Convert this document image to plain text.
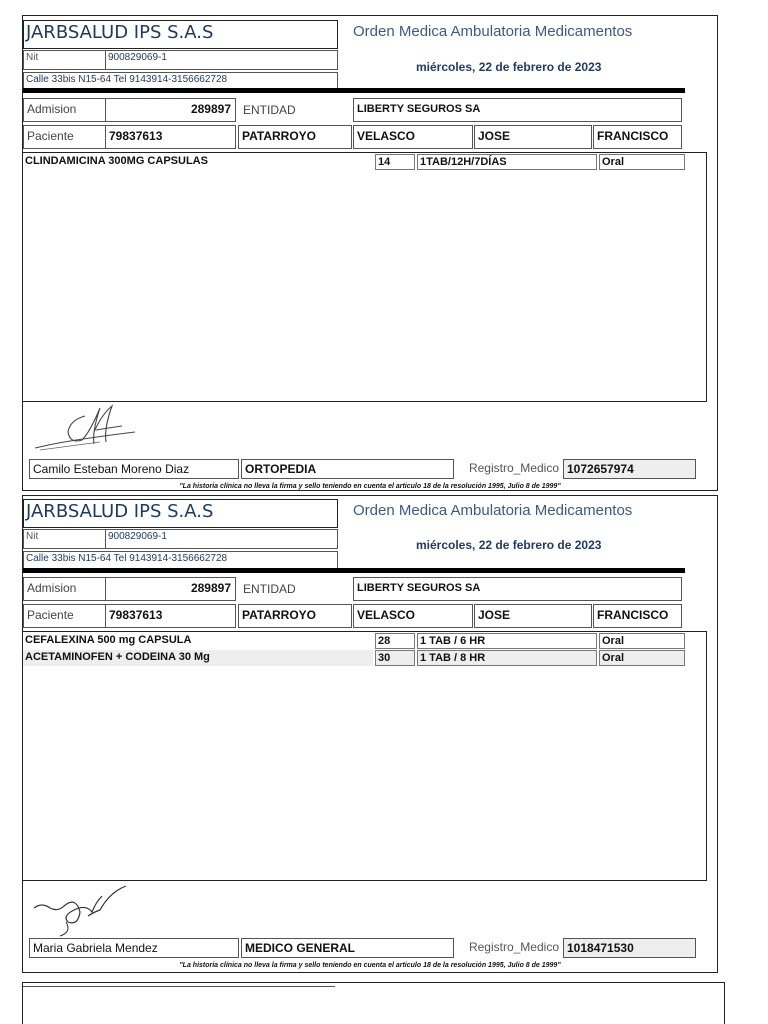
JARBSALUD IPS S.A.S
Nit	900829069-1
Calle 33bis N15-64 Tel 9143914-3156662728
Orden Medica Ambulatoria Medicamentos
miércoles, 22 de febrero de 2023
Admision	289897	ENTIDAD	LIBERTY SEGUROS SA
Paciente	79837613	PATARROYO	VELASCO	JOSE	FRANCISCO
CLINDAMICINA 300MG CAPSULAS	14	1TAB/12H/7DÍAS	Oral
Camilo Esteban Moreno Diaz	ORTOPEDIA	Registro_Medico 1072657974
"La historia clínica no lleva la firma y sello teniendo en cuenta el articulo 18 de la resolución 1995, Julio 8 de 1999"
JARBSALUD IPS S.A.S
Nit	900829069-1
Calle 33bis N15-64 Tel 9143914-3156662728
Orden Medica Ambulatoria Medicamentos
miércoles, 22 de febrero de 2023
Admision	289897	ENTIDAD	LIBERTY SEGUROS SA
Paciente	79837613	PATARROYO	VELASCO	JOSE	FRANCISCO
CEFALEXINA 500 mg CAPSULA	28	1 TAB / 6 HR	Oral
ACETAMINOFEN + CODEINA 30 Mg	30	1 TAB / 8 HR	Oral
Maria Gabriela Mendez	MEDICO GENERAL	Registro_Medico 1018471530
"La historia clínica no lleva la firma y sello teniendo en cuenta el articulo 18 de la resolución 1995, Julio 8 de 1999"
